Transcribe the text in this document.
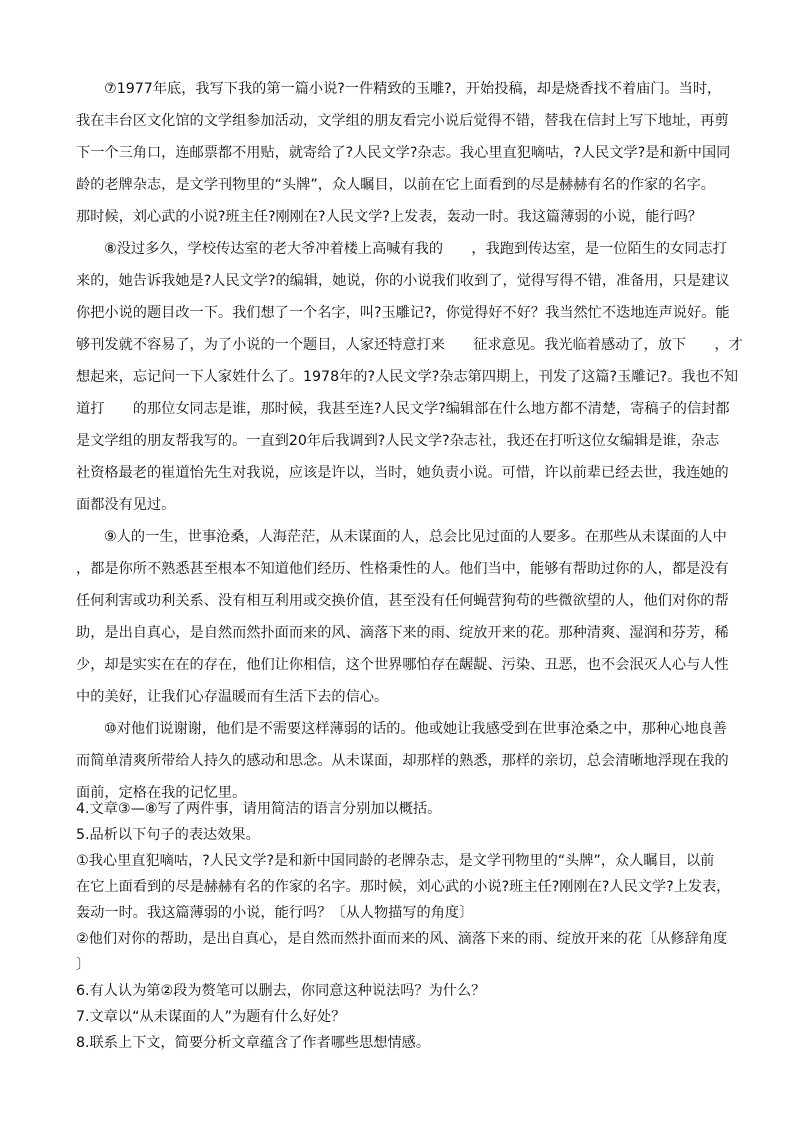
⑦1977年底，我写下我的第一篇小说?一件精致的玉雕?，开始投稿，却是烧香找不着庙门。当时，
我在丰台区文化馆的文学组参加活动，文学组的朋友看完小说后觉得不错，替我在信封上写下地址，再剪
下一个三角口，连邮票都不用贴，就寄给了?人民文学?杂志。我心里直犯嘀咕，?人民文学?是和新中国同
龄的老牌杂志，是文学刊物里的“头牌”，众人瞩目，以前在它上面看到的尽是赫赫有名的作家的名字。
那时候，刘心武的小说?班主任?刚刚在?人民文学?上发表，轰动一时。我这篇薄弱的小说，能行吗？
⑧没过多久，学校传达室的老大爷冲着楼上高喊有我的　　，我跑到传达室，是一位陌生的女同志打
来的，她告诉我她是?人民文学?的编辑，她说，你的小说我们收到了，觉得写得不错，准备用，只是建议
你把小说的题目改一下。我们想了一个名字，叫?玉雕记?，你觉得好不好？我当然忙不迭地连声说好。能
够刊发就不容易了，为了小说的一个题目，人家还特意打来　　征求意见。我光临着感动了，放下　　，才
想起来，忘记问一下人家姓什么了。1978年的?人民文学?杂志第四期上，刊发了这篇?玉雕记?。我也不知
道打　　的那位女同志是谁，那时候，我甚至连?人民文学?编辑部在什么地方都不清楚，寄稿子的信封都
是文学组的朋友帮我写的。一直到20年后我调到?人民文学?杂志社，我还在打听这位女编辑是谁，杂志
社资格最老的崔道怡先生对我说，应该是许以，当时，她负责小说。可惜，许以前辈已经去世，我连她的
面都没有见过。
⑨人的一生，世事沧桑，人海茫茫，从未谋面的人，总会比见过面的人要多。在那些从未谋面的人中
，都是你所不熟悉甚至根本不知道他们经历、性格秉性的人。他们当中，能够有帮助过你的人，都是没有
任何利害或功利关系、没有相互利用或交换价值，甚至没有任何蝇营狗苟的些微欲望的人，他们对你的帮
助，是出自真心，是自然而然扑面而来的风、滴落下来的雨、绽放开来的花。那种清爽、湿润和芬芳，稀
少，却是实实在在的存在，他们让你相信，这个世界哪怕存在龌龊、污染、丑恶，也不会泯灭人心与人性
中的美好，让我们心存温暖而有生活下去的信心。
⑩对他们说谢谢，他们是不需要这样薄弱的话的。他或她让我感受到在世事沧桑之中，那种心地良善
而简单清爽所带给人持久的感动和思念。从未谋面，却那样的熟悉，那样的亲切，总会清晰地浮现在我的
面前，定格在我的记忆里。
4.文章③—⑧写了两件事，请用简洁的语言分别加以概括。
5.品析以下句子的表达效果。
①我心里直犯嘀咕，?人民文学?是和新中国同龄的老牌杂志，是文学刊物里的“头牌”，众人瞩目，以前
在它上面看到的尽是赫赫有名的作家的名字。那时候，刘心武的小说?班主任?刚刚在?人民文学?上发表，
轰动一时。我这篇薄弱的小说，能行吗？〔从人物描写的角度〕
②他们对你的帮助，是出自真心，是自然而然扑面而来的风、滴落下来的雨、绽放开来的花〔从修辞角度
〕
6.有人认为第②段为赘笔可以删去，你同意这种说法吗？为什么？
7.文章以“从未谋面的人”为题有什么好处？
8.联系上下文，简要分析文章蕴含了作者哪些思想情感。
